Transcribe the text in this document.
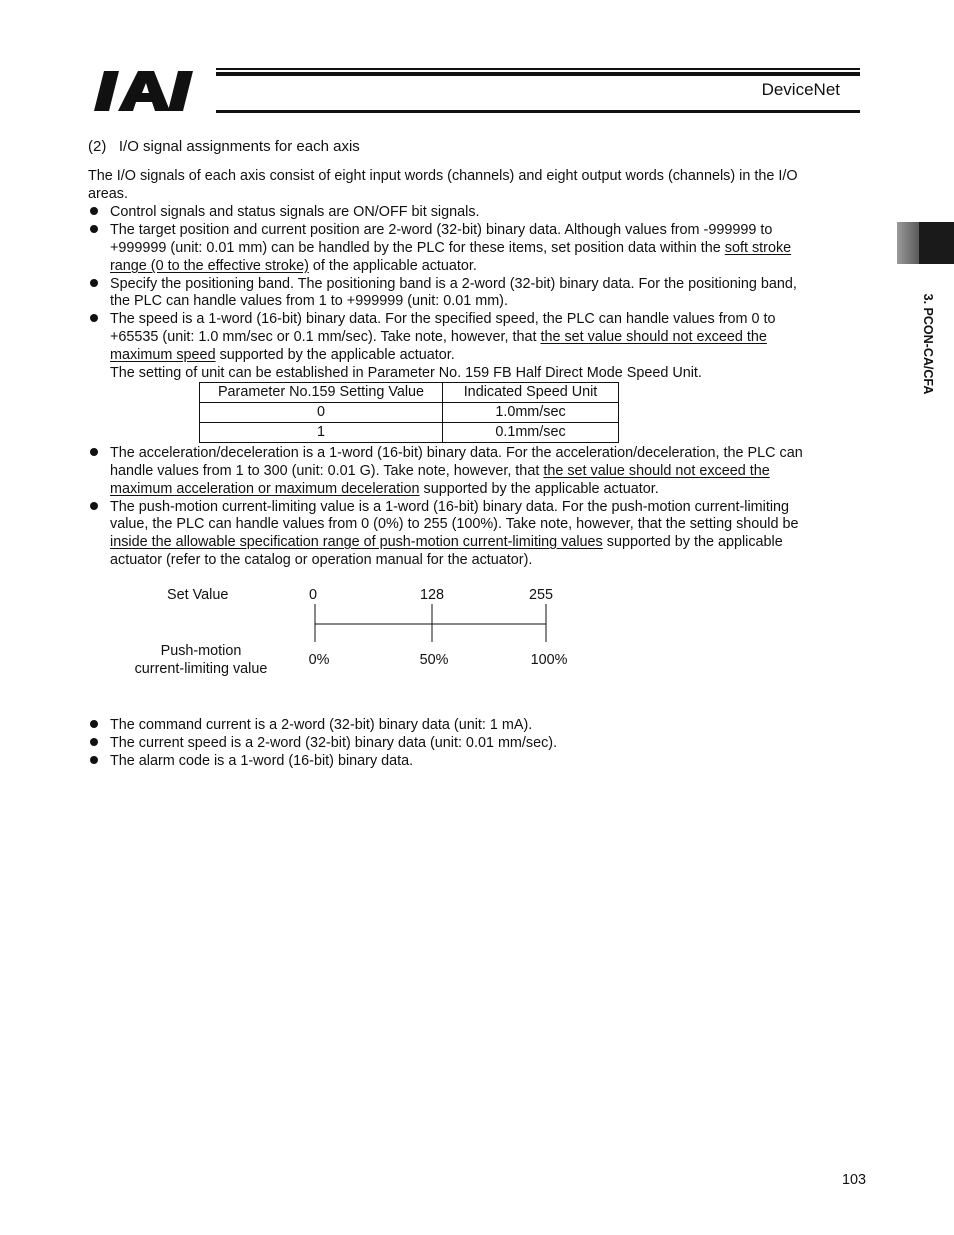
DeviceNet
3. PCON-CA/CFA
(2) I/O signal assignments for each axis
The I/O signals of each axis consist of eight input words (channels) and eight output words (channels) in the I/O
areas.
Control signals and status signals are ON/OFF bit signals.
The target position and current position are 2-word (32-bit) binary data. Although values from -999999 to
+999999 (unit: 0.01 mm) can be handled by the PLC for these items, set position data within the soft stroke
range (0 to the effective stroke) of the applicable actuator.
Specify the positioning band. The positioning band is a 2-word (32-bit) binary data. For the positioning band,
the PLC can handle values from 1 to +999999 (unit: 0.01 mm).
The speed is a 1-word (16-bit) binary data. For the specified speed, the PLC can handle values from 0 to
+65535 (unit: 1.0 mm/sec or 0.1 mm/sec). Take note, however, that the set value should not exceed the
maximum speed supported by the applicable actuator.
The setting of unit can be established in Parameter No. 159 FB Half Direct Mode Speed Unit.
Parameter No.159 Setting Value	Indicated Speed Unit
0	1.0mm/sec
1	0.1mm/sec
The acceleration/deceleration is a 1-word (16-bit) binary data. For the acceleration/deceleration, the PLC can
handle values from 1 to 300 (unit: 0.01 G). Take note, however, that the set value should not exceed the
maximum acceleration or maximum deceleration supported by the applicable actuator.
The push-motion current-limiting value is a 1-word (16-bit) binary data. For the push-motion current-limiting
value, the PLC can handle values from 0 (0%) to 255 (100%). Take note, however, that the setting should be
inside the allowable specification range of push-motion current-limiting values supported by the applicable
actuator (refer to the catalog or operation manual for the actuator).
Set Value
Push-motion
current-limiting value
0	128	255
0%	50%	100%
The command current is a 2-word (32-bit) binary data (unit: 1 mA).
The current speed is a 2-word (32-bit) binary data (unit: 0.01 mm/sec).
The alarm code is a 1-word (16-bit) binary data.
103
